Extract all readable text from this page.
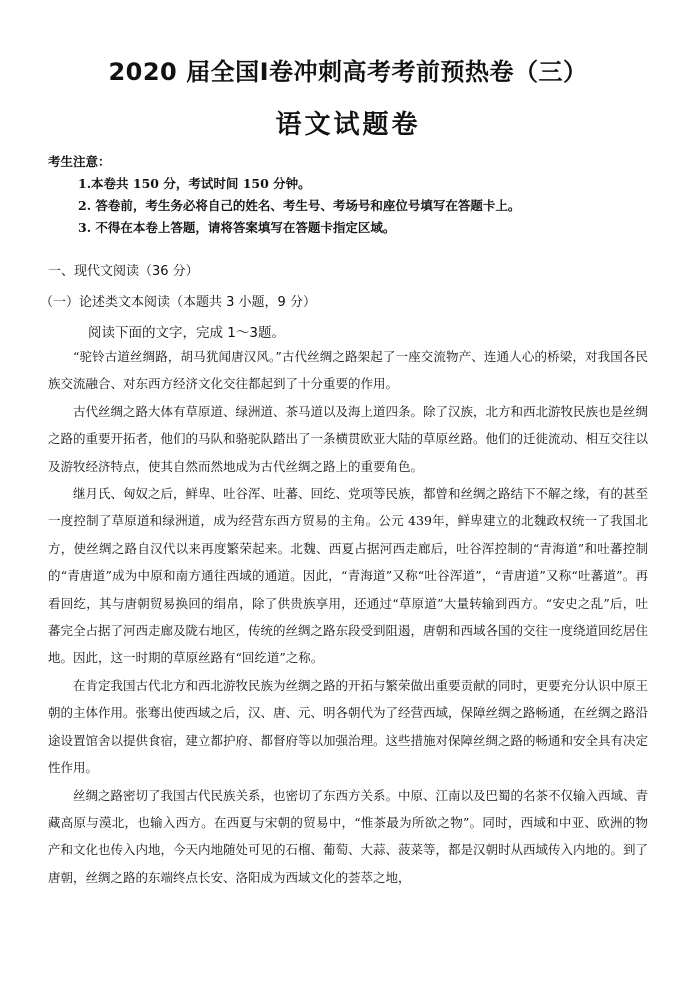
2020 届全国Ⅰ卷冲刺高考考前预热卷（三）
语文试题卷
考生注意：
1.本卷共 150 分，考试时间 150 分钟。
2. 答卷前，考生务必将自己的姓名、考生号、考场号和座位号填写在答题卡上。
3. 不得在本卷上答题，请将答案填写在答题卡指定区域。
一、现代文阅读（36 分）
（一）论述类文本阅读（本题共 3 小题，9 分）
阅读下面的文字，完成 1～3题。

“驼铃古道丝绸路，胡马犹闻唐汉风。”古代丝绸之路架起了一座交流物产、连通人心的桥梁，对我国各民族交流融合、对东西方经济文化交往都起到了十分重要的作用。

古代丝绸之路大体有草原道、绿洲道、茶马道以及海上道四条。除了汉族，北方和西北游牧民族也是丝绸之路的重要开拓者，他们的马队和骆驼队踏出了一条横贯欧亚大陆的草原丝路。他们的迁徙流动、相互交往以及游牧经济特点，使其自然而然地成为古代丝绸之路上的重要角色。

继月氏、匈奴之后，鲜卑、吐谷浑、吐蕃、回纥、党项等民族，都曾和丝绸之路结下不解之缘，有的甚至一度控制了草原道和绿洲道，成为经营东西方贸易的主角。公元 439年，鲜卑建立的北魏政权统一了我国北方，使丝绸之路自汉代以来再度繁荣起来。北魏、西夏占据河西走廊后，吐谷浑控制的“青海道”和吐蕃控制的“青唐道”成为中原和南方通往西域的通道。因此，“青海道”又称“吐谷浑道”，“青唐道”又称“吐蕃道”。再看回纥，其与唐朝贸易换回的绢帛，除了供贵族享用，还通过“草原道”大量转输到西方。“安史之乱”后，吐蕃完全占据了河西走廊及陇右地区，传统的丝绸之路东段受到阻遏，唐朝和西域各国的交往一度绕道回纥居住地。因此，这一时期的草原丝路有“回纥道”之称。

在肯定我国古代北方和西北游牧民族为丝绸之路的开拓与繁荣做出重要贡献的同时，更要充分认识中原王朝的主体作用。张骞出使西域之后，汉、唐、元、明各朝代为了经营西域，保障丝绸之路畅通，在丝绸之路沿途设置馆舍以提供食宿，建立都护府、都督府等以加强治理。这些措施对保障丝绸之路的畅通和安全具有决定性作用。

丝绸之路密切了我国古代民族关系，也密切了东西方关系。中原、江南以及巴蜀的名茶不仅输入西域、青藏高原与漠北，也输入西方。在西夏与宋朝的贸易中，“惟茶最为所欲之物”。同时，西域和中亚、欧洲的物产和文化也传入内地，今天内地随处可见的石榴、葡萄、大蒜、菠菜等，都是汉朝时从西域传入内地的。到了唐朝，丝绸之路的东端终点长安、洛阳成为西域文化的荟萃之地，
